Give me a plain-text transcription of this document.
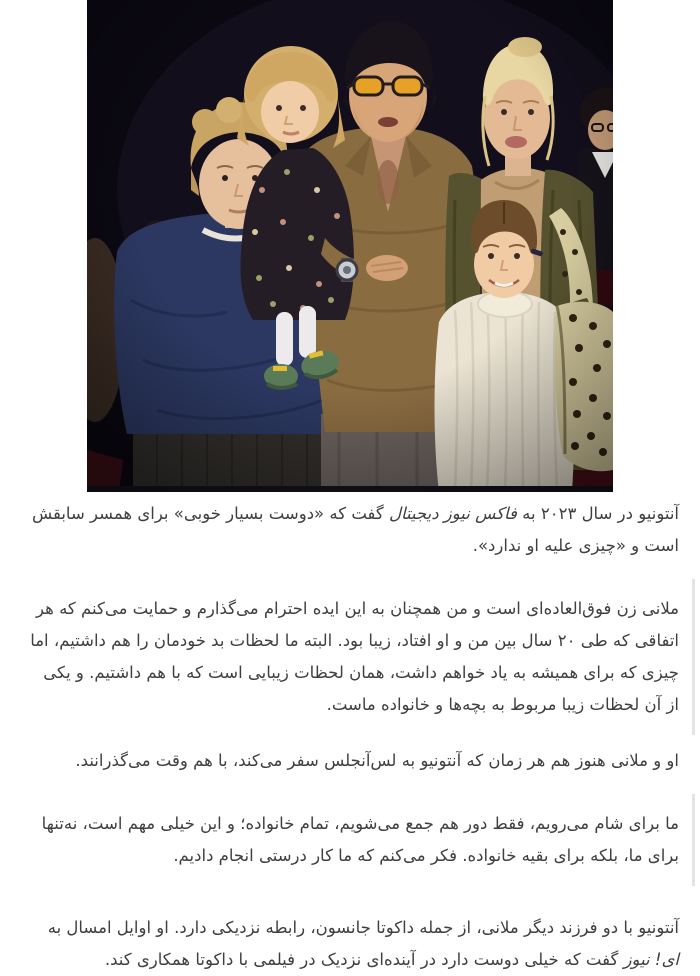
آنتونیو در سال ۲۰۲۳ به فاکس نیوز دیجیتال گفت که «دوست بسیار خوبی» برای همسر سابقش است و «چیزی علیه او ندارد».

ملانی زن فوق‌العاده‌ای است و من همچنان به این ایده احترام می‌گذارم و حمایت می‌کنم که هر اتفاقی که طی ۲۰ سال بین من و او افتاد، زیبا بود. البته ما لحظات بد خودمان را هم داشتیم، اما چیزی که برای همیشه به یاد خواهم داشت، همان لحظات زیبایی است که با هم داشتیم. و یکی از آن لحظات زیبا مربوط به بچه‌ها و خانواده ماست.

او و ملانی هنوز هم هر زمان که آنتونیو به لس‌آنجلس سفر می‌کند، با هم وقت می‌گذرانند.

ما برای شام می‌رویم، فقط دور هم جمع می‌شویم، تمام خانواده؛ و این خیلی مهم است، نه‌تنها برای ما، بلکه برای بقیه خانواده. فکر می‌کنم که ما کار درستی انجام دادیم.

آنتونیو با دو فرزند دیگر ملانی، از جمله داکوتا جانسون، رابطه نزدیکی دارد. او اوایل امسال به ای! نیوز گفت که خیلی دوست دارد در آینده‌ای نزدیک در فیلمی با داکوتا همکاری کند.
